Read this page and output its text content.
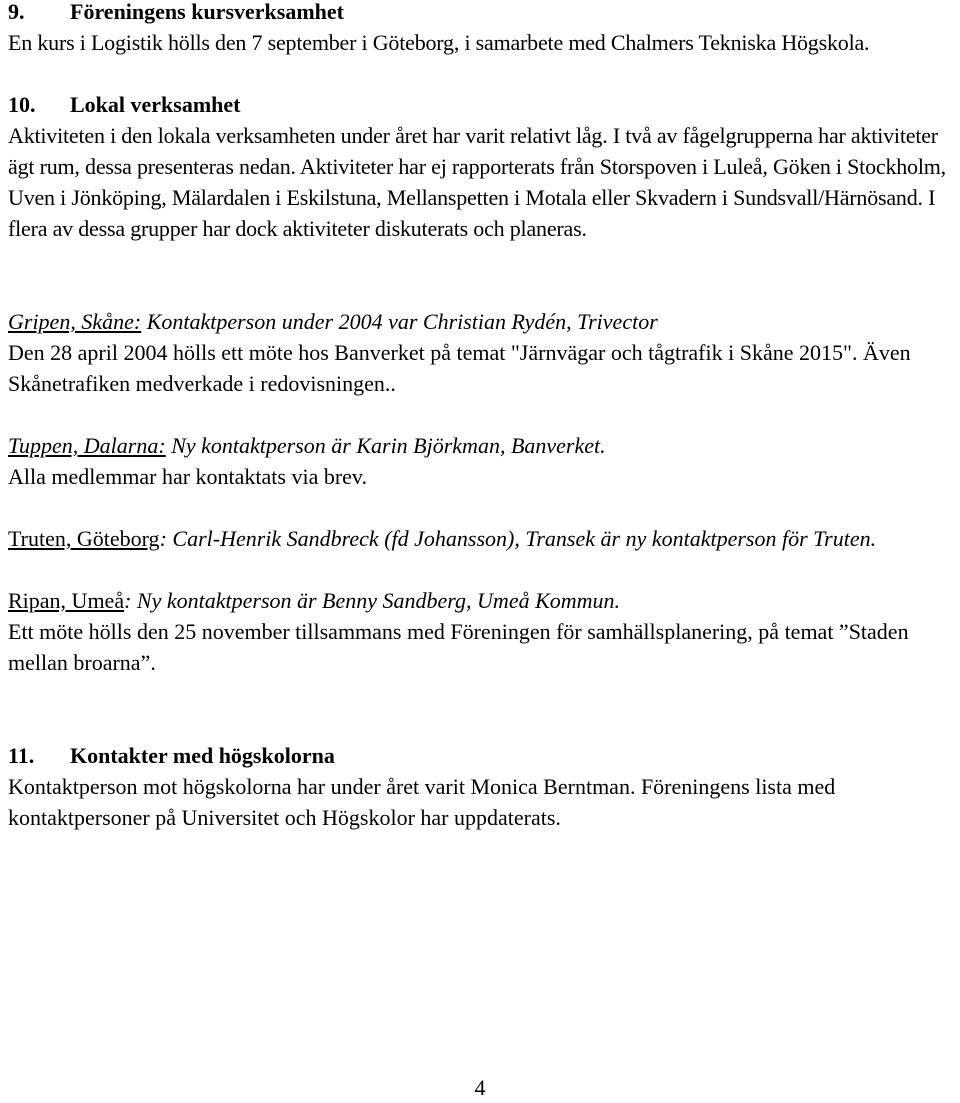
9. Föreningens kursverksamhet

En kurs i Logistik hölls den 7 september i Göteborg, i samarbete med Chalmers Tekniska Högskola.

10. Lokal verksamhet

Aktiviteten i den lokala verksamheten under året har varit relativt låg. I två av fågelgrupperna har aktiviteter ägt rum, dessa presenteras nedan. Aktiviteter har ej rapporterats från Storspoven i Luleå, Göken i Stockholm, Uven i Jönköping, Mälardalen i Eskilstuna, Mellanspetten i Motala eller Skvadern i Sundsvall/Härnösand. I flera av dessa grupper har dock aktiviteter diskuterats och planeras.

Gripen, Skåne: Kontaktperson under 2004 var Christian Rydén, Trivector

Den 28 april 2004 hölls ett möte hos Banverket på temat "Järnvägar och tågtrafik i Skåne 2015". Även Skånetrafiken medverkade i redovisningen..

Tuppen, Dalarna: Ny kontaktperson är Karin Björkman, Banverket.

Alla medlemmar har kontaktats via brev.

Truten, Göteborg: Carl-Henrik Sandbreck (fd Johansson), Transek är ny kontaktperson för Truten.

Ripan, Umeå: Ny kontaktperson är Benny Sandberg, Umeå Kommun.

Ett möte hölls den 25 november tillsammans med Föreningen för samhällsplanering, på temat ”Staden mellan broarna”.

11. Kontakter med högskolorna

Kontaktperson mot högskolorna har under året varit Monica Berntman. Föreningens lista med kontaktpersoner på Universitet och Högskolor har uppdaterats.

4
